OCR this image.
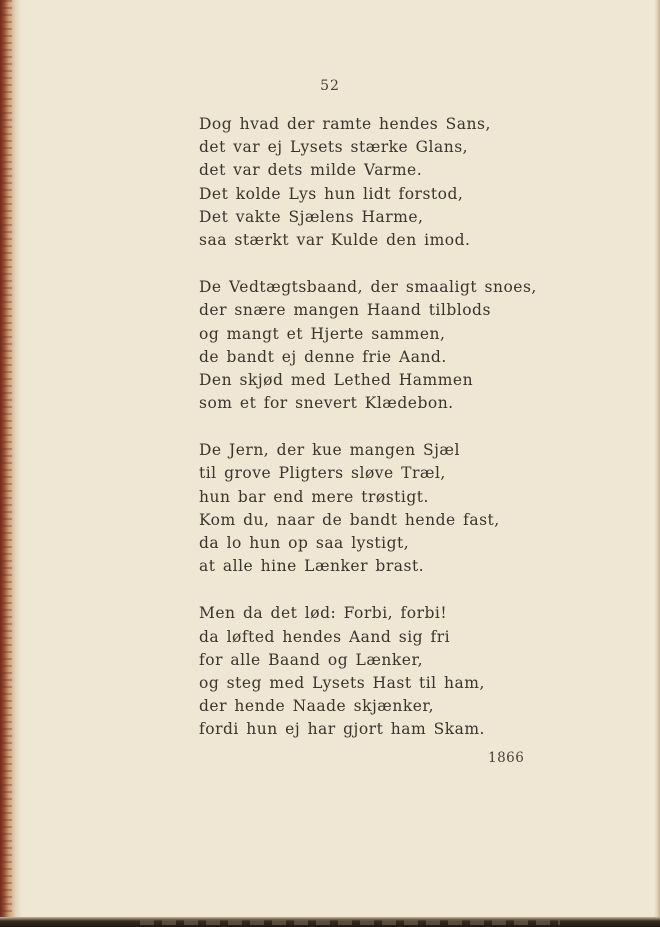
52
Dog hvad der ramte hendes Sans,
det var ej Lysets stærke Glans,
det var dets milde Varme.
Det kolde Lys hun lidt forstod,
Det vakte Sjælens Harme,
saa stærkt var Kulde den imod.
De Vedtægtsbaand, der smaaligt snoes,
der snære mangen Haand tilblods
og mangt et Hjerte sammen,
de bandt ej denne frie Aand.
Den skjød med Lethed Hammen
som et for snevert Klædebon.
De Jern, der kue mangen Sjæl
til grove Pligters sløve Træl,
hun bar end mere trøstigt.
Kom du, naar de bandt hende fast,
da lo hun op saa lystigt,
at alle hine Lænker brast.
Men da det lød: Forbi, forbi!
da løfted hendes Aand sig fri
for alle Baand og Lænker,
og steg med Lysets Hast til ham,
der hende Naade skjænker,
fordi hun ej har gjort ham Skam.
1866
